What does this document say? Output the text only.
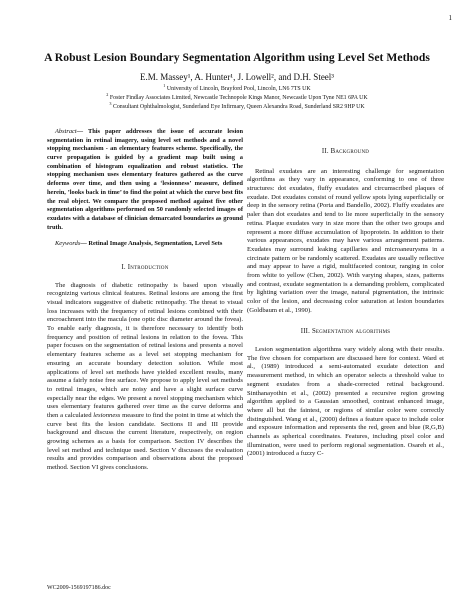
1
A Robust Lesion Boundary Segmentation Algorithm using Level Set Methods
E.M. Massey¹, A. Hunter¹, J. Lowell², and D.H. Steel³
$^1$ University of Lincoln, Brayford Pool, Lincoln, LN6 7TS UK
$^2$ Foster Findlay Associates Limited, Newcastle Technopole Kings Manor, Newcastle Upon Tyne NE1 6PA UK
$^3$ Consultant Ophthalmologist, Sunderland Eye Infirmary, Queen Alexandra Road, Sunderland SR2 9HP UK

Abstract— This paper addresses the issue of accurate lesion segmentation in retinal imagery, using level set methods and a novel stopping mechanism - an elementary features scheme. Specifically, the curve propagation is guided by a gradient map built using a combination of histogram equalization and robust statistics. The stopping mechanism uses elementary features gathered as the curve deforms over time, and then using a ‘lesionness’ measure, defined herein, ’looks back in time’ to find the point at which the curve best fits the real object. We compare the proposed method against five other segmentation algorithms performed on 50 randomly selected images of exudates with a database of clinician demarcated boundaries as ground truth.

Keywords— Retinal Image Analysis, Segmentation, Level Sets

I. Introduction

The diagnosis of diabetic retinopathy is based upon visually recognizing various clinical features. Retinal lesions are among the first visual indicators suggestive of diabetic retinopathy. The threat to visual loss increases with the frequency of retinal lesions combined with their encroachment into the macula (one optic disc diameter around the fovea). To enable early diagnosis, it is therefore necessary to identify both frequency and position of retinal lesions in relation to the fovea. This paper focuses on the segmentation of retinal lesions and presents a novel elementary features scheme as a level set stopping mechanism for ensuring an accurate boundary detection solution. While most applications of level set methods have yielded excellent results, many assume a fairly noise free surface. We propose to apply level set methods to retinal images, which are noisy and have a slight surface curve especially near the edges. We present a novel stopping mechanism which uses elementary features gathered over time as the curve deforms and then a calculated lesionness measure to find the point in time at which the curve best fits the lesion candidate. Sections II and III provide background and discuss the current literature, respectively, on region growing schemes as a basis for comparison. Section IV describes the level set method and technique used. Section V discusses the evaluation results and provides comparison and observations about the proposed method. Section VI gives conclusions.

II. Background

Retinal exudates are an interesting challenge for segmentation algorithms as they vary in appearance, conforming to one of three structures: dot exudates, fluffy exudates and circumscribed plaques of exudate. Dot exudates consist of round yellow spots lying superficially or deep in the sensory retina (Porta and Bandello, 2002). Fluffy exudates are paler than dot exudates and tend to lie more superficially in the sensory retina. Plaque exudates vary in size more than the other two groups and represent a more diffuse accumulation of lipoprotein. In addition to their various appearances, exudates may have various arrangement patterns. Exudates may surround leaking capillaries and microaneurysms in a circinate pattern or be randomly scattered. Exudates are usually reflective and may appear to have a rigid, multifaceted contour, ranging in color from white to yellow (Chen, 2002). With varying shapes, sizes, patterns and contrast, exudate segmentation is a demanding problem, complicated by lighting variation over the image, natural pigmentation, the intrinsic color of the lesion, and decreasing color saturation at lesion boundaries (Goldbaum et al., 1990).

III. Segmentation algorithms

Lesion segmentation algorithms vary widely along with their results. The five chosen for comparison are discussed here for context. Ward et al., (1989) introduced a semi-automated exudate detection and measurement method, in which an operator selects a threshold value to segment exudates from a shade-corrected retinal background. Sinthanayothin et al., (2002) presented a recursive region growing algorithm applied to a Gaussian smoothed, contrast enhanced image, where all but the faintest, or regions of similar color were correctly distinguished. Wang et al., (2000) defines a feature space to include color and exposure information and represents the red, green and blue (R,G,B) channels as spherical coordinates. Features, including pixel color and illumination, were used to perform regional segmentation. Osareh et al., (2001) introduced a fuzzy C-

WC2009-1569197186.doc
